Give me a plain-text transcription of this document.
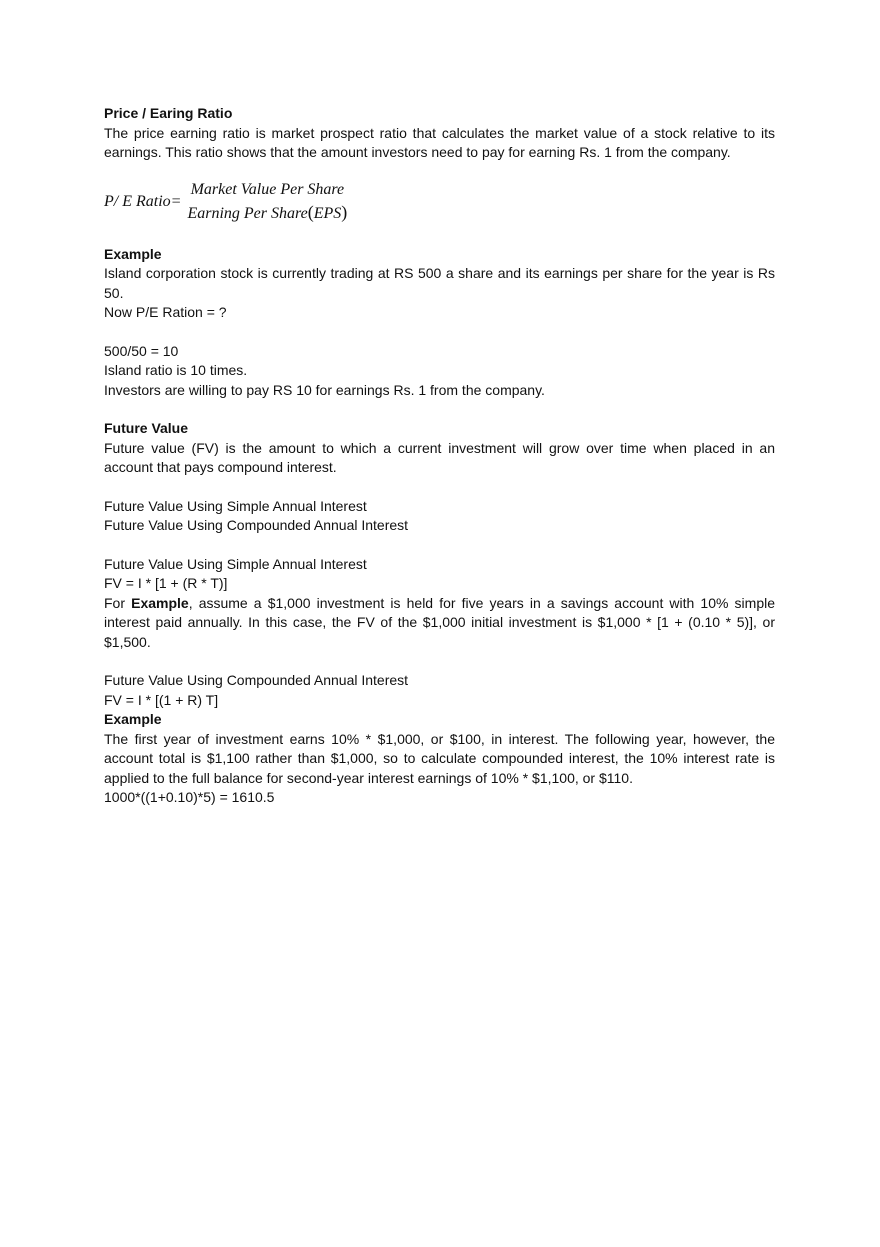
Price / Earing Ratio

The price earning ratio is market prospect ratio that calculates the market value of a stock relative to its earnings. This ratio shows that the amount investors need to pay for earning Rs. 1 from the company.

P/ E Ratio=
Market Value Per Share
Earning Per Share(EPS)

Example

Island corporation stock is currently trading at RS 500 a share and its earnings per share for the year is Rs 50.

Now P/E Ration = ?

500/50 = 10

Island ratio is 10 times.

Investors are willing to pay RS 10 for earnings Rs. 1 from the company.

Future Value

Future value (FV) is the amount to which a current investment will grow over time when placed in an account that pays compound interest.

Future Value Using Simple Annual Interest

Future Value Using Compounded Annual Interest

Future Value Using Simple Annual Interest

FV = I * [1 + (R * T)]

For Example, assume a $1,000 investment is held for five years in a savings account with 10% simple interest paid annually. In this case, the FV of the $1,000 initial investment is $1,000 * [1 + (0.10 * 5)], or $1,500.

Future Value Using Compounded Annual Interest

FV = I * [(1 + R) T]

Example

The first year of investment earns 10% * $1,000, or $100, in interest. The following year, however, the account total is $1,100 rather than $1,000, so to calculate compounded interest, the 10% interest rate is applied to the full balance for second-year interest earnings of 10% * $1,100, or $110.

1000*((1+0.10)*5) = 1610.5
